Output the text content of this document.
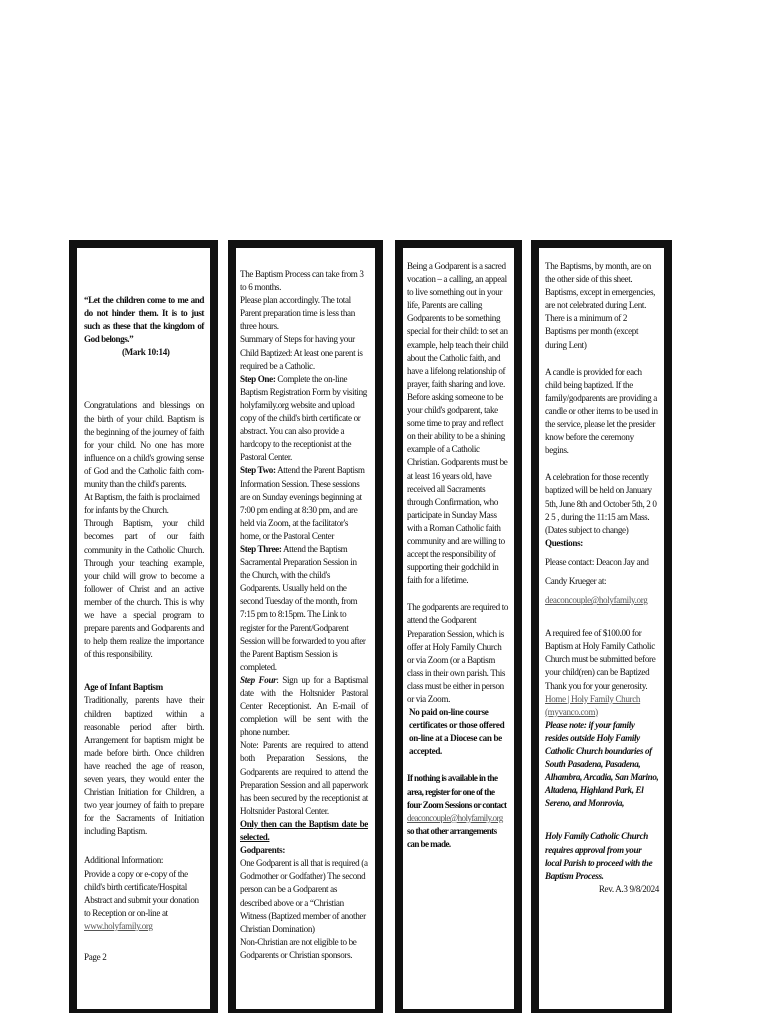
“Let the children come to me and do not hinder them. It is to just such as these that the kingdom of God belongs.”

(Mark 10:14)

Congratulations and blessings on the birth of your child. Baptism is the beginning of the journey of faith for your child. No one has more influence on a child's growing sense of God and the Catholic faith com- munity than the child's parents.

At Baptism, the faith is proclaimed for infants by the Church.

Through Baptism, your child becomes part of our faith community in the Catholic Church. Through your teaching example, your child will grow to become a follower of Christ and an active member of the church. This is why we have a special program to prepare parents and Godparents and to help them realize the importance of this responsibility.

Age of Infant Baptism

Traditionally, parents have their children baptized within a reasonable period after birth. Arrangement for baptism might be made before birth. Once children have reached the age of reason, seven years, they would enter the Christian Initiation for Children, a two year journey of faith to prepare for the Sacraments of Initiation including Baptism.

Additional Information:

Provide a copy or e-copy of the child's birth certificate/Hospital Abstract and submit your donation to Reception or on-line at www.holyfamily.org

Page 2

The Baptism Process can take from 3 to 6 months.

Please plan accordingly. The total Parent preparation time is less than three hours.

Summary of Steps for having your Child Baptized: At least one parent is required be a Catholic.

Step One: Complete the on-line Baptism Registration Form by visiting holyfamily.org website and upload copy of the child's birth certificate or abstract. You can also provide a hardcopy to the receptionist at the Pastoral Center.

Step Two: Attend the Parent Baptism Information Session. These sessions are on Sunday evenings beginning at 7:00 pm ending at 8:30 pm, and are held via Zoom, at the facilitator's home, or the Pastoral Center

Step Three: Attend the Baptism Sacramental Preparation Session in the Church, with the child's Godparents. Usually held on the second Tuesday of the month, from 7:15 pm to 8:15pm. The Link to register for the Parent/Godparent Session will be forwarded to you after the Parent Baptism Session is completed.

Step Four: Sign up for a Baptismal date with the Holtsnider Pastoral Center Receptionist. An E-mail of completion will be sent with the phone number.

Note: Parents are required to attend both Preparation Sessions, the Godparents are required to attend the Preparation Session and all paperwork has been secured by the receptionist at Holtsnider Pastoral Center.

Only then can the Baptism date be selected.

Godparents:

One Godparent is all that is required (a Godmother or Godfather) The second person can be a Godparent as described above or a “Christian Witness (Baptized member of another Christian Domination)

Non-Christian are not eligible to be Godparents or Christian sponsors.

Being a Godparent is a sacred vocation – a calling, an appeal to live something out in your life, Parents are calling Godparents to be something special for their child: to set an example, help teach their child about the Catholic faith, and have a lifelong relationship of prayer, faith sharing and love. Before asking someone to be your child's godparent, take some time to pray and reflect on their ability to be a shining example of a Catholic Christian. Godparents must be at least 16 years old, have received all Sacraments through Confirmation, who participate in Sunday Mass with a Roman Catholic faith community and are willing to accept the responsibility of supporting their godchild in faith for a lifetime.

The godparents are required to attend the Godparent Preparation Session, which is offer at Holy Family Church or via Zoom (or a Baptism class in their own parish. This class must be either in person or via Zoom.

No paid on-line course certificates or those offered on-line at a Diocese can be accepted.

If nothing is available in the area, register for one of the four Zoom Sessions or contact deaconcouple@holyfamily.org so that other arrangements can be made.

The Baptisms, by month, are on the other side of this sheet. Baptisms, except in emergencies, are not celebrated during Lent. There is a minimum of 2 Baptisms per month (except during Lent)

A candle is provided for each child being baptized. If the family/godparents are providing a candle or other items to be used in the service, please let the presider know before the ceremony begins.

A celebration for those recently baptized will be held on January 5th, June 8th and October 5th, 2 0 2 5 , during the 11:15 am Mass.

(Dates subject to change)

Questions:

Please contact: Deacon Jay and

Candy Krueger at:

deaconcouple@holyfamily.org

A required fee of $100.00 for Baptism at Holy Family Catholic Church must be submitted before your child(ren) can be Baptized Thank you for your generosity.

Home | Holy Family Church

(myvanco.com)

Please note: if your family resides outside Holy Family Catholic Church boundaries of South Pasadena, Pasadena, Alhambra, Arcadia, San Marino, Altadena, Highland Park, El Sereno, and Monrovia,

Holy Family Catholic Church requires approval from your local Parish to proceed with the Baptism Process.

Rev. A.3 9/8/2024
